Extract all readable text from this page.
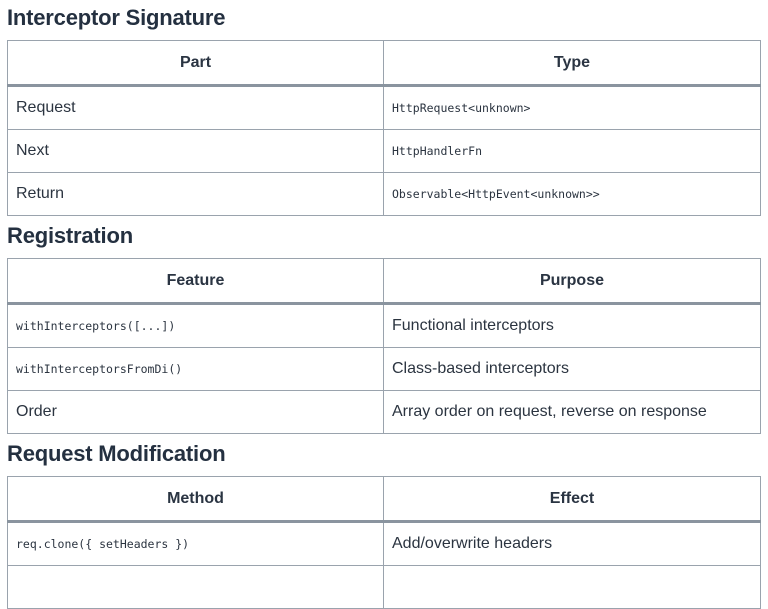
Interceptor Signature
Part	Type
Request	HttpRequest<unknown>
Next	HttpHandlerFn
Return	Observable<HttpEvent<unknown>>
Registration
Feature	Purpose
withInterceptors([...])	Functional interceptors
withInterceptorsFromDi()	Class-based interceptors
Order	Array order on request, reverse on response
Request Modification
Method	Effect
req.clone({ setHeaders })	Add/overwrite headers
